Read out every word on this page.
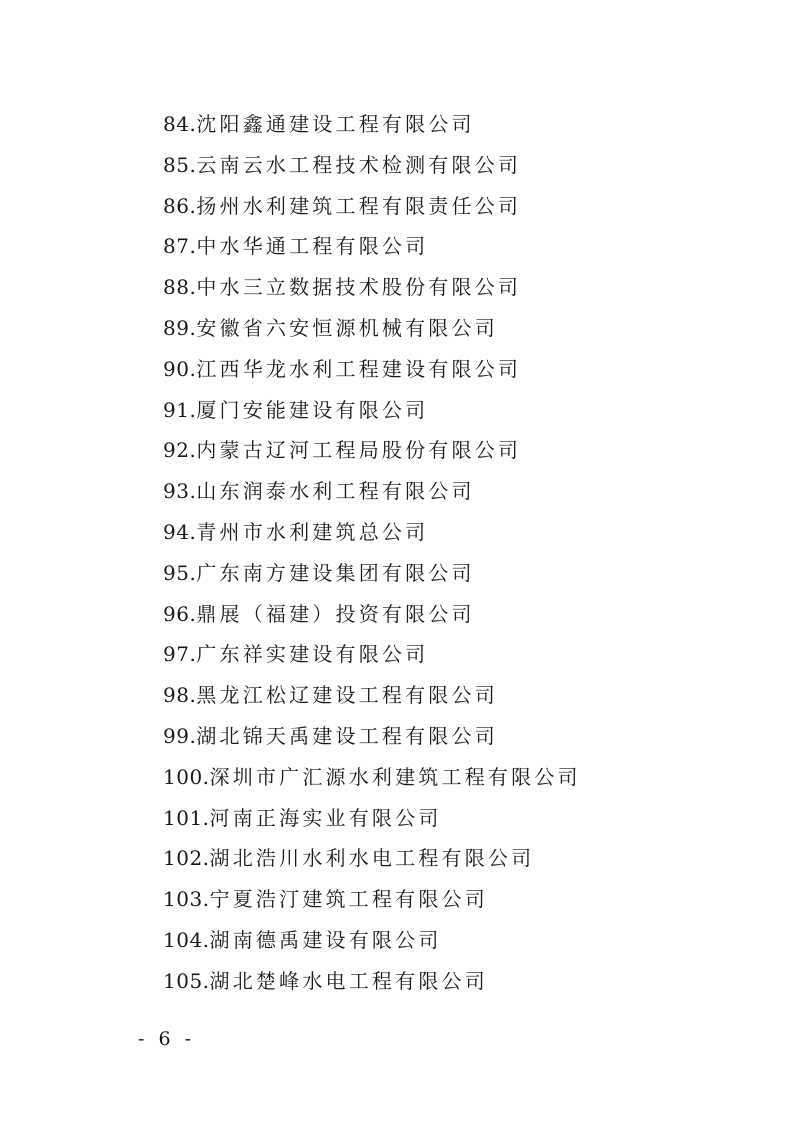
84.沈阳鑫通建设工程有限公司
85.云南云水工程技术检测有限公司
86.扬州水利建筑工程有限责任公司
87.中水华通工程有限公司
88.中水三立数据技术股份有限公司
89.安徽省六安恒源机械有限公司
90.江西华龙水利工程建设有限公司
91.厦门安能建设有限公司
92.内蒙古辽河工程局股份有限公司
93.山东润泰水利工程有限公司
94.青州市水利建筑总公司
95.广东南方建设集团有限公司
96.鼎展（福建）投资有限公司
97.广东祥实建设有限公司
98.黑龙江松辽建设工程有限公司
99.湖北锦天禹建设工程有限公司
100.深圳市广汇源水利建筑工程有限公司
101.河南正海实业有限公司
102.湖北浩川水利水电工程有限公司
103.宁夏浩汀建筑工程有限公司
104.湖南德禹建设有限公司
105.湖北楚峰水电工程有限公司
- 6 -
